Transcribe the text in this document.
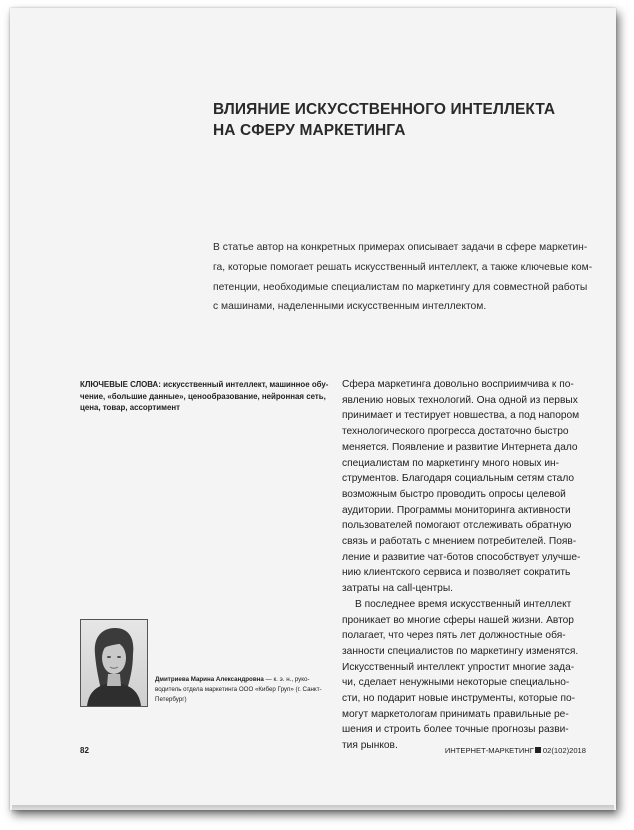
ВЛИЯНИЕ ИСКУССТВЕННОГО ИНТЕЛЛЕКТА
НА СФЕРУ МАРКЕТИНГА
В статье автор на конкретных примерах описывает задачи в сфере маркетин-
га, которые помогает решать искусственный интеллект, а также ключевые ком-
петенции, необходимые специалистам по маркетингу для совместной работы
с машинами, наделенными искусственным интеллектом.
КЛЮЧЕВЫЕ СЛОВА: искусственный интеллект, машинное обу-
чение, «большие данные», ценообразование, нейронная сеть,
цена, товар, ассортимент
Сфера маркетинга довольно восприимчива к по-
явлению новых технологий. Она одной из первых
принимает и тестирует новшества, а под напором
технологического прогресса достаточно быстро
меняется. Появление и развитие Интернета дало
специалистам по маркетингу много новых ин-
струментов. Благодаря социальным сетям стало
возможным быстро проводить опросы целевой
аудитории. Программы мониторинга активности
пользователей помогают отслеживать обратную
связь и работать с мнением потребителей. Появ-
ление и развитие чат-ботов способствует улучше-
нию клиентского сервиса и позволяет сократить
затраты на call-центры.
В последнее время искусственный интеллект
проникает во многие сферы нашей жизни. Автор
полагает, что через пять лет должностные обя-
занности специалистов по маркетингу изменятся.
Искусственный интеллект упростит многие зада-
чи, сделает ненужными некоторые специально-
сти, но подарит новые инструменты, которые по-
могут маркетологам принимать правильные ре-
шения и строить более точные прогнозы разви-
тия рынков.
Дмитриева Марина Александровна — к. э. н., руко-
водитель отдела маркетинга ООО «Кибер Груп» (г. Санкт-
Петербург)
82	ИНТЕРНЕТ-МАРКЕТИНГ 02(102)2018
